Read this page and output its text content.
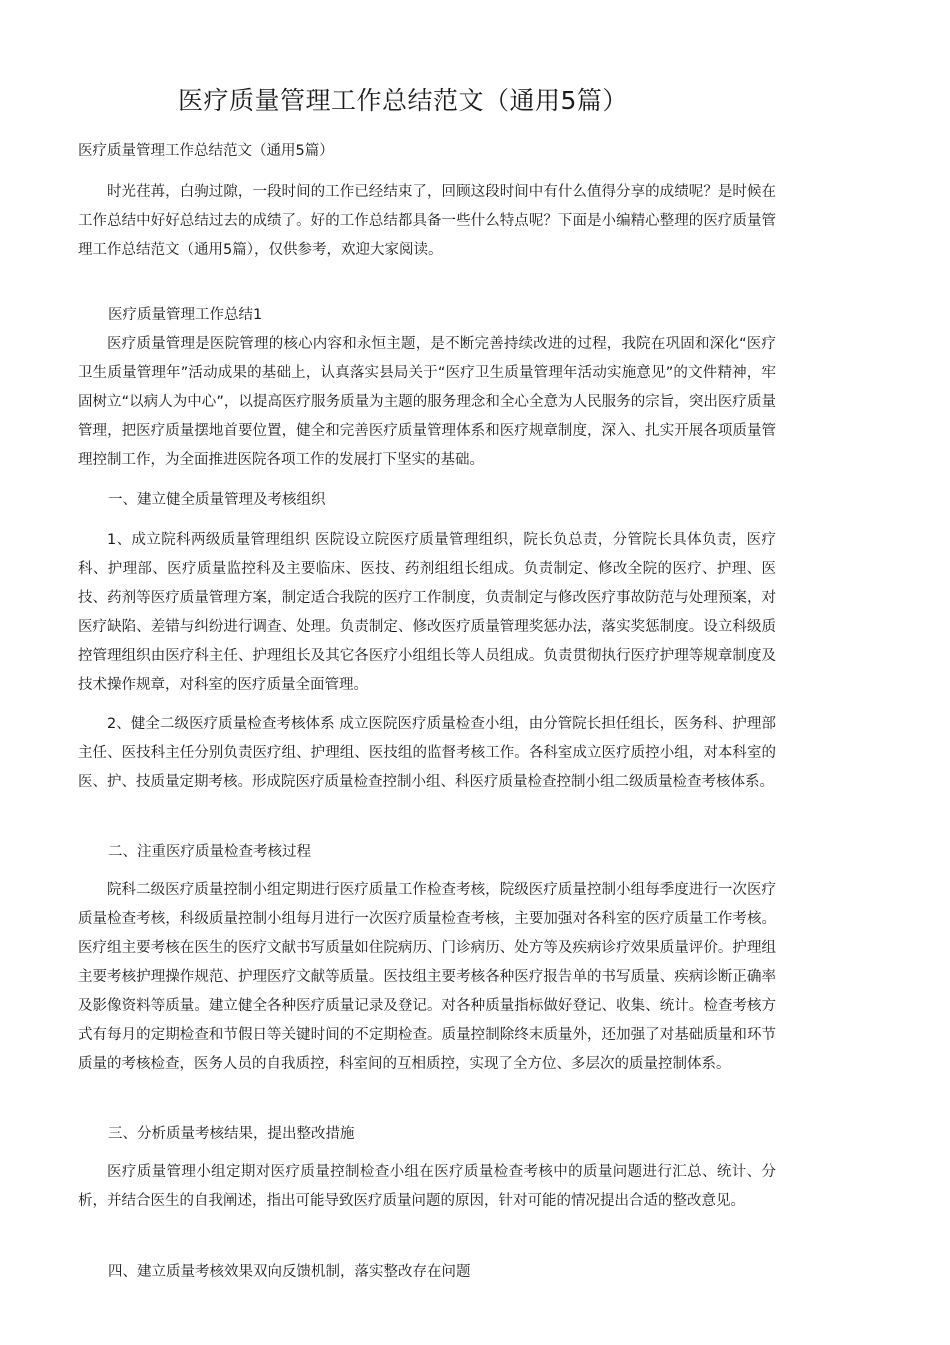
医疗质量管理工作总结范文（通用5篇）

医疗质量管理工作总结范文（通用5篇）

时光荏苒，白驹过隙，一段时间的工作已经结束了，回顾这段时间中有什么值得分享的成绩呢？是时候在工作总结中好好总结过去的成绩了。好的工作总结都具备一些什么特点呢？下面是小编精心整理的医疗质量管理工作总结范文（通用5篇），仅供参考，欢迎大家阅读。

医疗质量管理工作总结1

医疗质量管理是医院管理的核心内容和永恒主题，是不断完善持续改进的过程，我院在巩固和深化“医疗卫生质量管理年”活动成果的基础上，认真落实县局关于“医疗卫生质量管理年活动实施意见”的文件精神，牢固树立“以病人为中心”，以提高医疗服务质量为主题的服务理念和全心全意为人民服务的宗旨，突出医疗质量管理，把医疗质量摆地首要位置，健全和完善医疗质量管理体系和医疗规章制度，深入、扎实开展各项质量管理控制工作，为全面推进医院各项工作的发展打下坚实的基础。

一、建立健全质量管理及考核组织

1、成立院科两级质量管理组织 医院设立院医疗质量管理组织，院长负总责，分管院长具体负责，医疗科、护理部、医疗质量监控科及主要临床、医技、药剂组组长组成。负责制定、修改全院的医疗、护理、医技、药剂等医疗质量管理方案，制定适合我院的医疗工作制度，负责制定与修改医疗事故防范与处理预案，对医疗缺陷、差错与纠纷进行调查、处理。负责制定、修改医疗质量管理奖惩办法，落实奖惩制度。设立科级质控管理组织由医疗科主任、护理组长及其它各医疗小组组长等人员组成。负责贯彻执行医疗护理等规章制度及技术操作规章，对科室的医疗质量全面管理。

2、健全二级医疗质量检查考核体系 成立医院医疗质量检查小组，由分管院长担任组长，医务科、护理部主任、医技科主任分别负责医疗组、护理组、医技组的监督考核工作。各科室成立医疗质控小组，对本科室的医、护、技质量定期考核。形成院医疗质量检查控制小组、科医疗质量检查控制小组二级质量检查考核体系。

二、注重医疗质量检查考核过程

院科二级医疗质量控制小组定期进行医疗质量工作检查考核，院级医疗质量控制小组每季度进行一次医疗质量检查考核，科级质量控制小组每月进行一次医疗质量检查考核，主要加强对各科室的医疗质量工作考核。医疗组主要考核在医生的医疗文献书写质量如住院病历、门诊病历、处方等及疾病诊疗效果质量评价。护理组主要考核护理操作规范、护理医疗文献等质量。医技组主要考核各种医疗报告单的书写质量、疾病诊断正确率及影像资料等质量。建立健全各种医疗质量记录及登记。对各种质量指标做好登记、收集、统计。检查考核方式有每月的定期检查和节假日等关键时间的不定期检查。质量控制除终末质量外，还加强了对基础质量和环节质量的考核检查，医务人员的自我质控，科室间的互相质控，实现了全方位、多层次的质量控制体系。

三、分析质量考核结果，提出整改措施

医疗质量管理小组定期对医疗质量控制检查小组在医疗质量检查考核中的质量问题进行汇总、统计、分析，并结合医生的自我阐述，指出可能导致医疗质量问题的原因，针对可能的情况提出合适的整改意见。

四、建立质量考核效果双向反馈机制，落实整改存在问题
